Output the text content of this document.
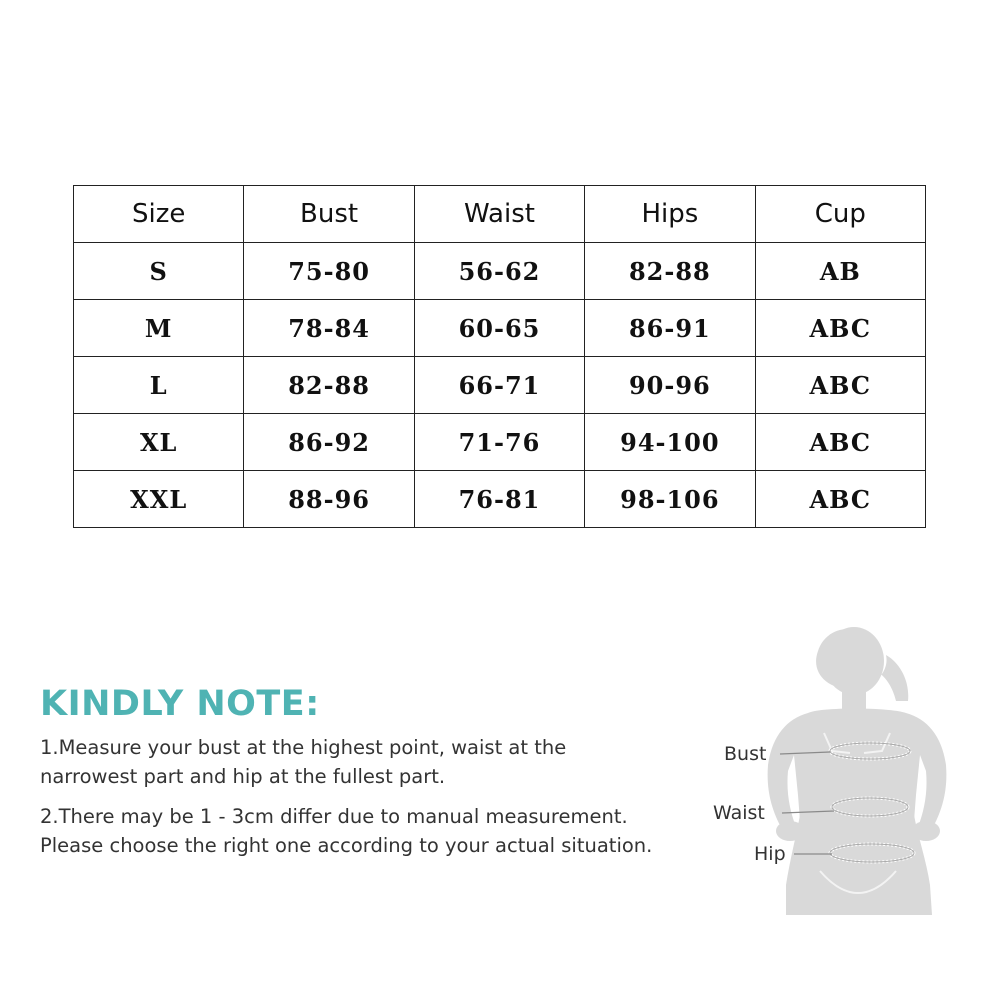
Size	Bust	Waist	Hips	Cup
S	75-80	56-62	82-88	AB
M	78-84	60-65	86-91	ABC
L	82-88	66-71	90-96	ABC
XL	86-92	71-76	94-100	ABC
XXL	88-96	76-81	98-106	ABC
KINDLY NOTE:
1.Measure your bust at the highest point, waist at the
narrowest part and hip at the fullest part.
2.There may be 1 - 3cm differ due to manual measurement.
Please choose the right one according to your actual situation.
Bust
Waist
Hip
